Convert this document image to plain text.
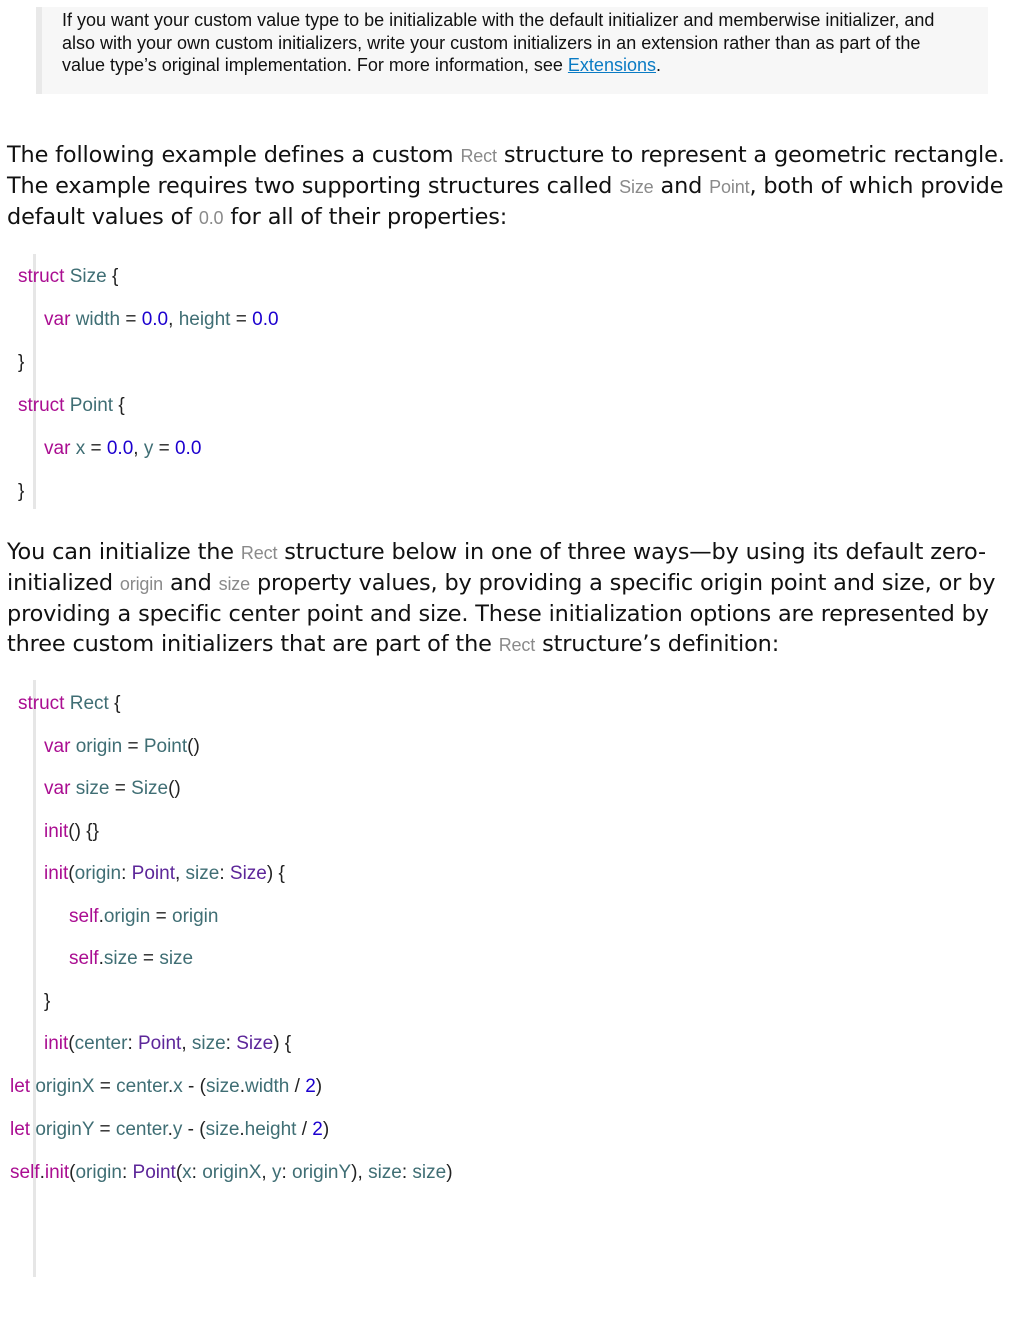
If you want your custom value type to be initializable with the default initializer and memberwise initializer, and also with your own custom initializers, write your custom initializers in an extension rather than as part of the value type’s original implementation. For more information, see Extensions.
The following example defines a custom Rect structure to represent a geometric rectangle. The example requires two supporting structures called Size and Point, both of which provide default values of 0.0 for all of their properties:
struct Size {
var width = 0.0, height = 0.0
}
struct Point {
var x = 0.0, y = 0.0
}
You can initialize the Rect structure below in one of three ways—by using its default zero-initialized origin and size property values, by providing a specific origin point and size, or by providing a specific center point and size. These initialization options are represented by three custom initializers that are part of the Rect structure’s definition:
struct Rect {
var origin = Point()
var size = Size()
init() {}
init(origin: Point, size: Size) {
self.origin = origin
self.size = size
}
init(center: Point, size: Size) {
let originX = center.x - (size.width / 2)
let originY = center.y - (size.height / 2)
self.init(origin: Point(x: originX, y: originY), size: size)
